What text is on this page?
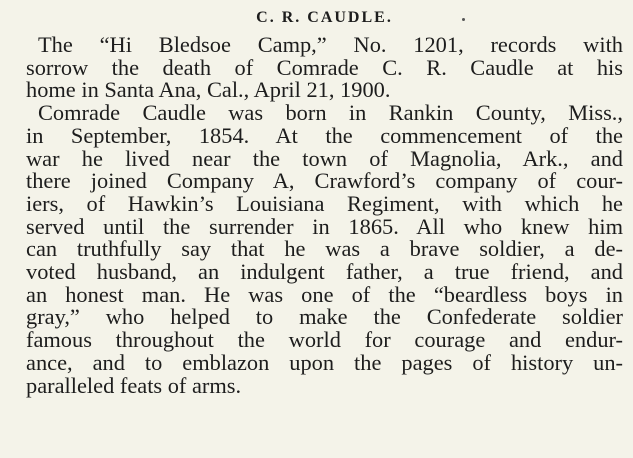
C. R. CAUDLE.
The “Hi Bledsoe Camp,” No. 1201, records with
sorrow the death of Comrade C. R. Caudle at his
home in Santa Ana, Cal., April 21, 1900.
Comrade Caudle was born in Rankin County, Miss.,
in September, 1854. At the commencement of the
war he lived near the town of Magnolia, Ark., and
there joined Company A, Crawford’s company of cour-
iers, of Hawkin’s Louisiana Regiment, with which he
served until the surrender in 1865. All who knew him
can truthfully say that he was a brave soldier, a de-
voted husband, an indulgent father, a true friend, and
an honest man. He was one of the “beardless boys in
gray,” who helped to make the Confederate soldier
famous throughout the world for courage and endur-
ance, and to emblazon upon the pages of history un-
paralleled feats of arms.
